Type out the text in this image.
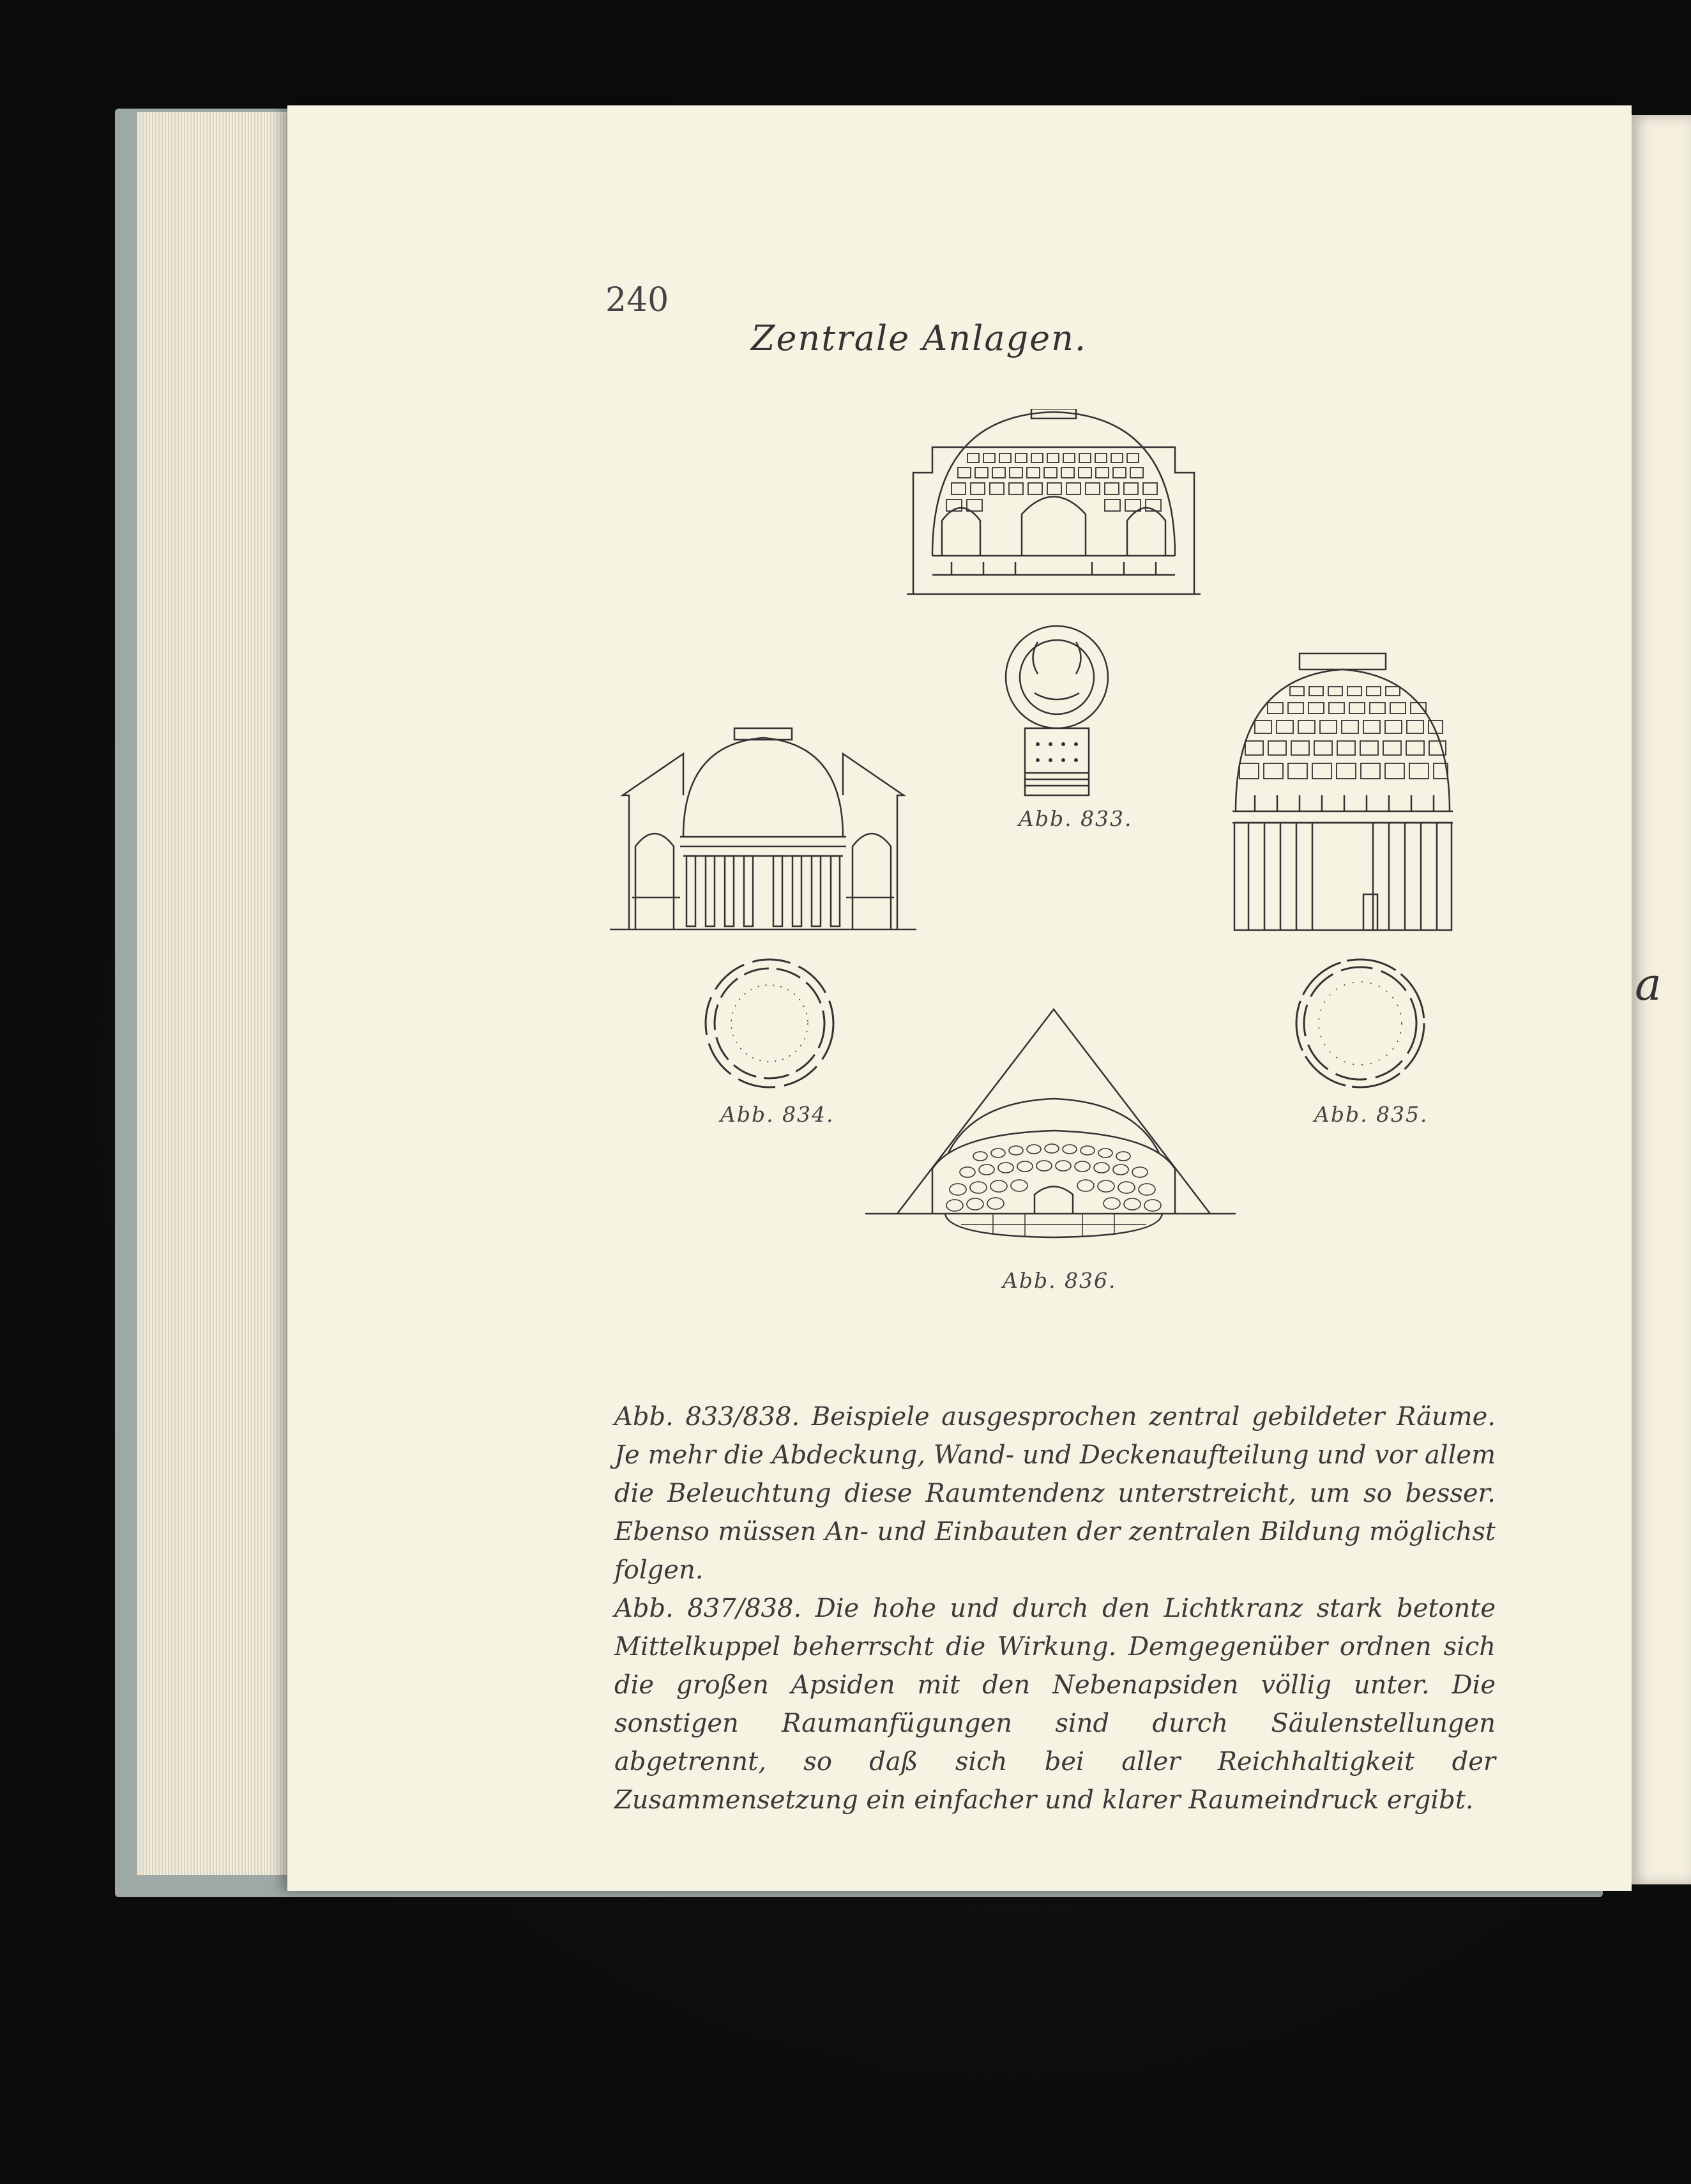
a
240
Zentrale Anlagen.
Abb. 833.
Abb. 834.	Abb. 835.
Abb. 836.

Abb. 833/838. Beispiele ausgesprochen zentral gebildeter Räume. Je mehr die Abdeckung, Wand- und Deckenaufteilung und vor allem die Beleuchtung diese Raumtendenz unterstreicht, um so besser. Ebenso müssen An- und Einbauten der zentralen Bildung möglichst folgen.

Abb. 837/838. Die hohe und durch den Lichtkranz stark betonte Mittelkuppel beherrscht die Wirkung. Demgegenüber ordnen sich die großen Apsiden mit den Nebenapsiden völlig unter. Die sonstigen Raumanfügungen sind durch Säulenstellungen abgetrennt, so daß sich bei aller Reichhaltigkeit der Zusammensetzung ein einfacher und klarer Raumeindruck ergibt.
